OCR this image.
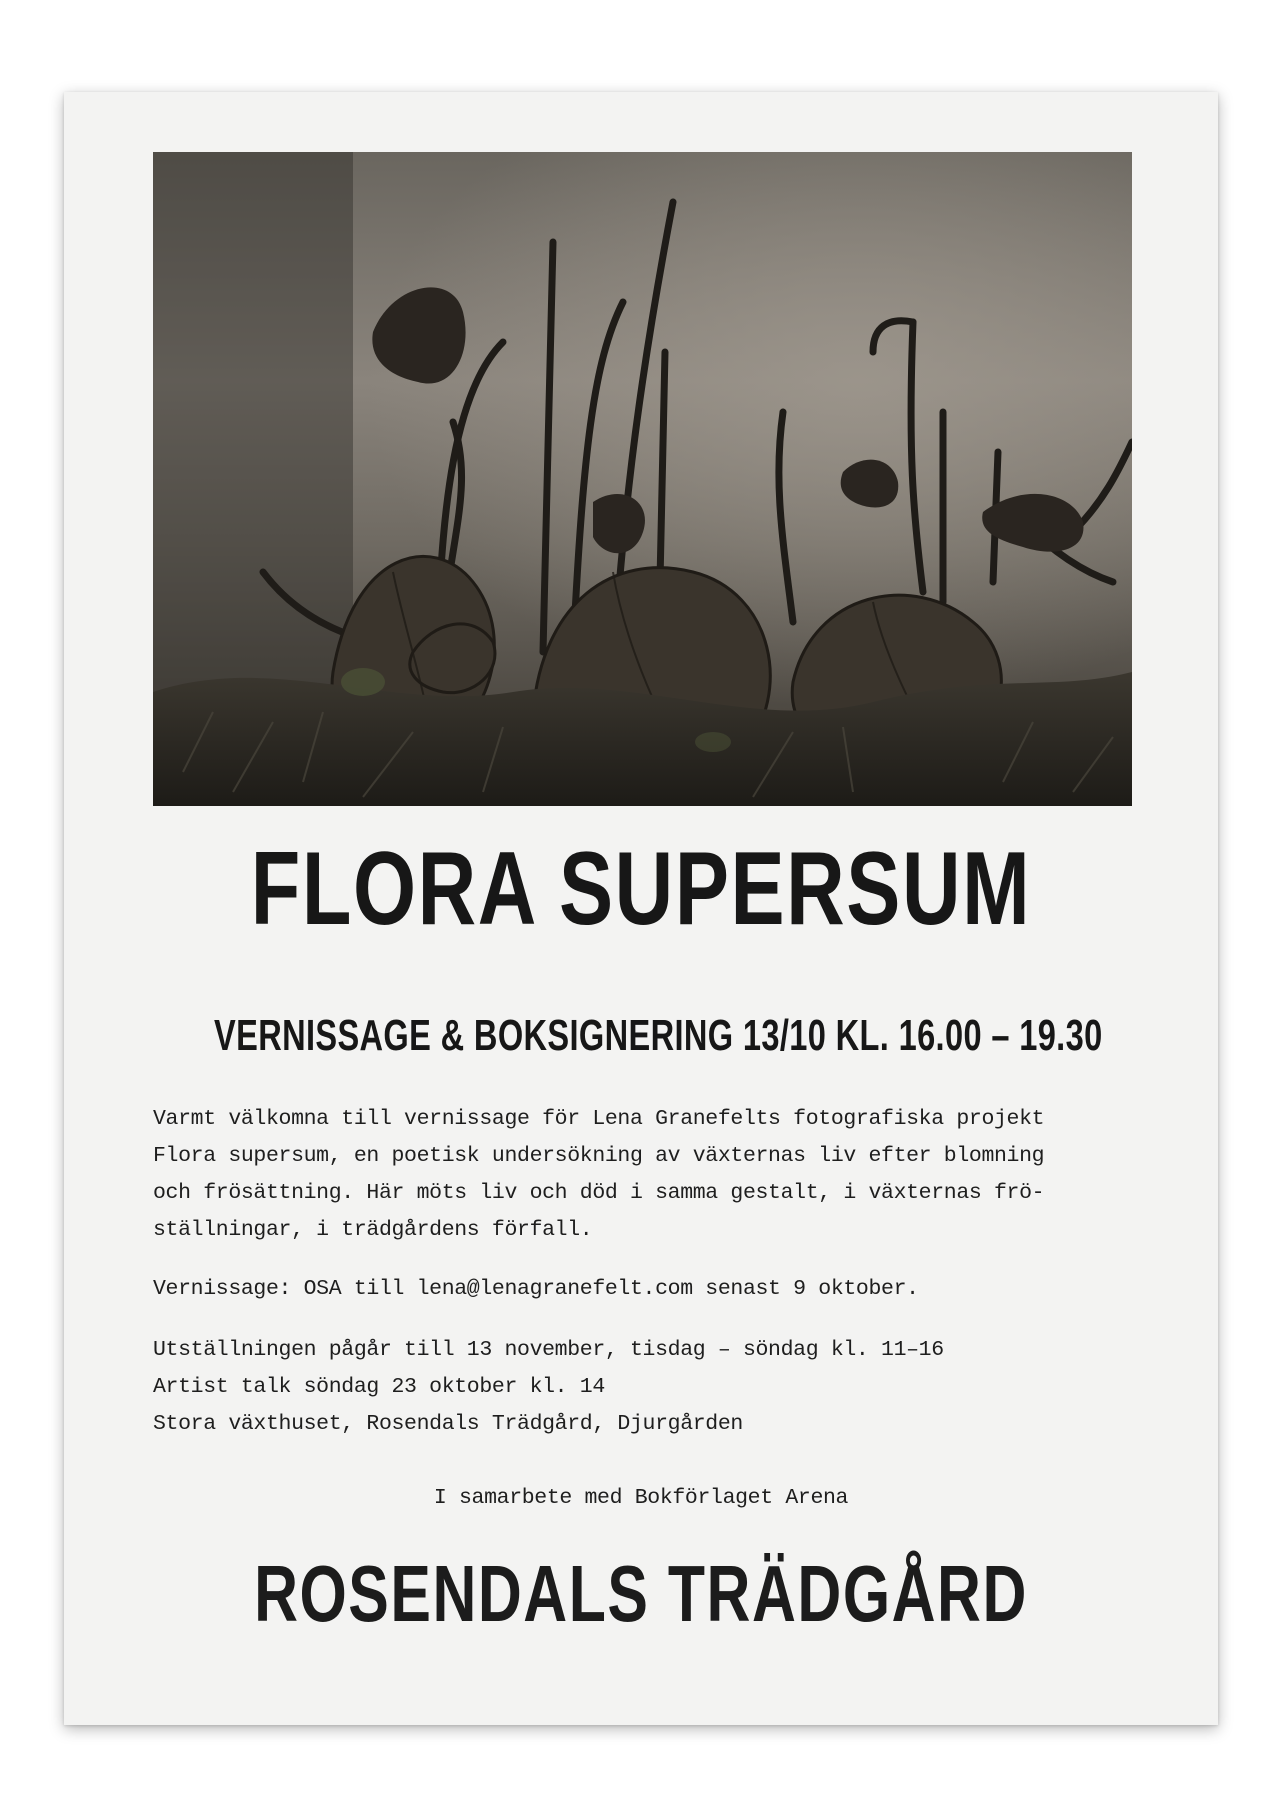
FLORA SUPERSUM
VERNISSAGE & BOKSIGNERING 13/10 KL. 16.00 – 19.30

Varmt välkomna till vernissage för Lena Granefelts fotografiska projekt

Flora supersum, en poetisk undersökning av växternas liv efter blomning

och frösättning. Här möts liv och död i samma gestalt, i växternas frö-

ställningar, i trädgårdens förfall.

Vernissage: OSA till lena@lenagranefelt.com senast 9 oktober.

Utställningen pågår till 13 november, tisdag – söndag kl. 11–16

Artist talk söndag 23 oktober kl. 14

Stora växthuset, Rosendals Trädgård, Djurgården

I samarbete med Bokförlaget Arena
ROSENDALS TRÄDGÅRD
